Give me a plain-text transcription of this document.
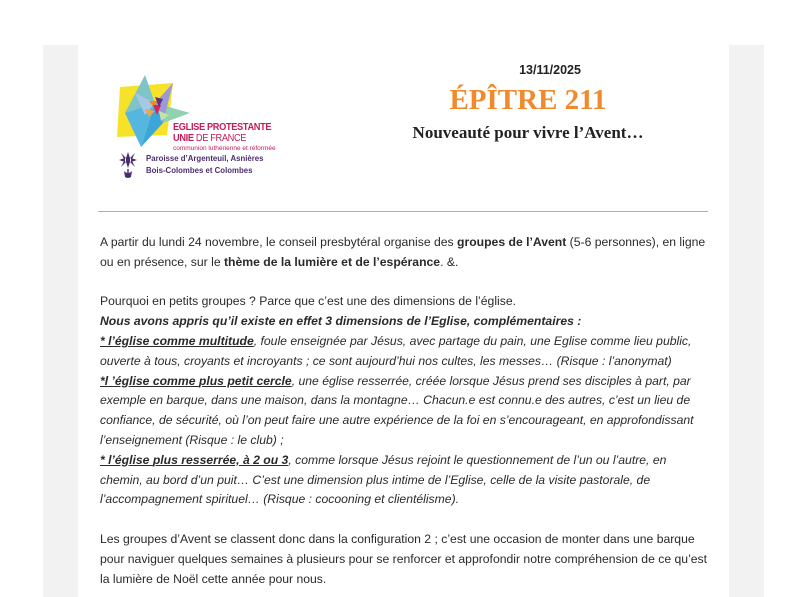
EGLISE PROTESTANTE
UNIE DE FRANCE
communion luthérienne et réformée
Paroisse d’Argenteuil, Asnières
Bois-Colombes et Colombes
13/11/2025
ÉPÎTRE 211
Nouveauté pour vivre l’Avent…

A partir du lundi 24 novembre, le conseil presbytéral organise des groupes de l’Avent (5-6 personnes), en ligne ou en présence, sur le thème de la lumière et de l’espérance. &.

Pourquoi en petits groupes ? Parce que c’est une des dimensions de l’église.

Nous avons appris qu’il existe en effet 3 dimensions de l’Eglise, complémentaires :

* l’église comme multitude, foule enseignée par Jésus, avec partage du pain, une Eglise comme lieu public, ouverte à tous, croyants et incroyants ; ce sont aujourd’hui nos cultes, les messes… (Risque : l’anonymat)

*l ’église comme plus petit cercle, une église resserrée, créée lorsque Jésus prend ses disciples à part, par exemple en barque, dans une maison, dans la montagne… Chacun.e est connu.e des autres, c’est un lieu de confiance, de sécurité, où l’on peut faire une autre expérience de la foi en s’encourageant, en approfondissant l’enseignement (Risque : le club) ;

* l’église plus resserrée, à 2 ou 3, comme lorsque Jésus rejoint le questionnement de l’un ou l’autre, en chemin, au bord d’un puit… C’est une dimension plus intime de l’Eglise, celle de la visite pastorale, de l’accompagnement spirituel… (Risque : cocooning et clientélisme).

Les groupes d’Avent se classent donc dans la configuration 2 ; c’est une occasion de monter dans une barque pour naviguer quelques semaines à plusieurs pour se renforcer et approfondir notre compréhension de ce qu’est la lumière de Noël cette année pour nous.
